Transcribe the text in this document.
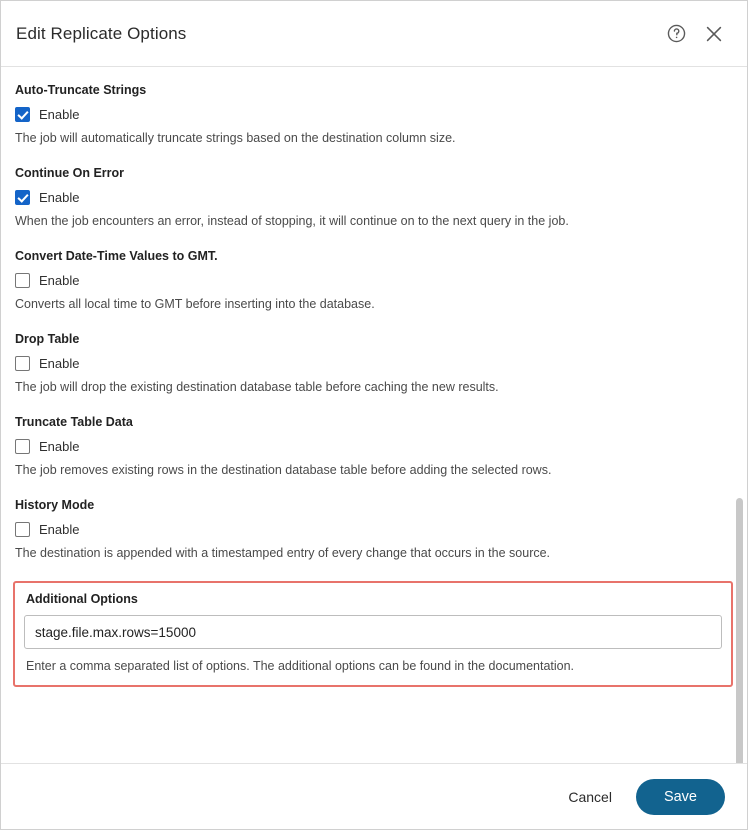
Edit Replicate Options
Auto-Truncate Strings
Enable
The job will automatically truncate strings based on the destination column size.
Continue On Error
Enable
When the job encounters an error, instead of stopping, it will continue on to the next query in the job.
Convert Date-Time Values to GMT.
Enable
Converts all local time to GMT before inserting into the database.
Drop Table
Enable
The job will drop the existing destination database table before caching the new results.
Truncate Table Data
Enable
The job removes existing rows in the destination database table before adding the selected rows.
History Mode
Enable
The destination is appended with a timestamped entry of every change that occurs in the source.
Additional Options
stage.file.max.rows=15000
Enter a comma separated list of options. The additional options can be found in the documentation.
Cancel	Save
